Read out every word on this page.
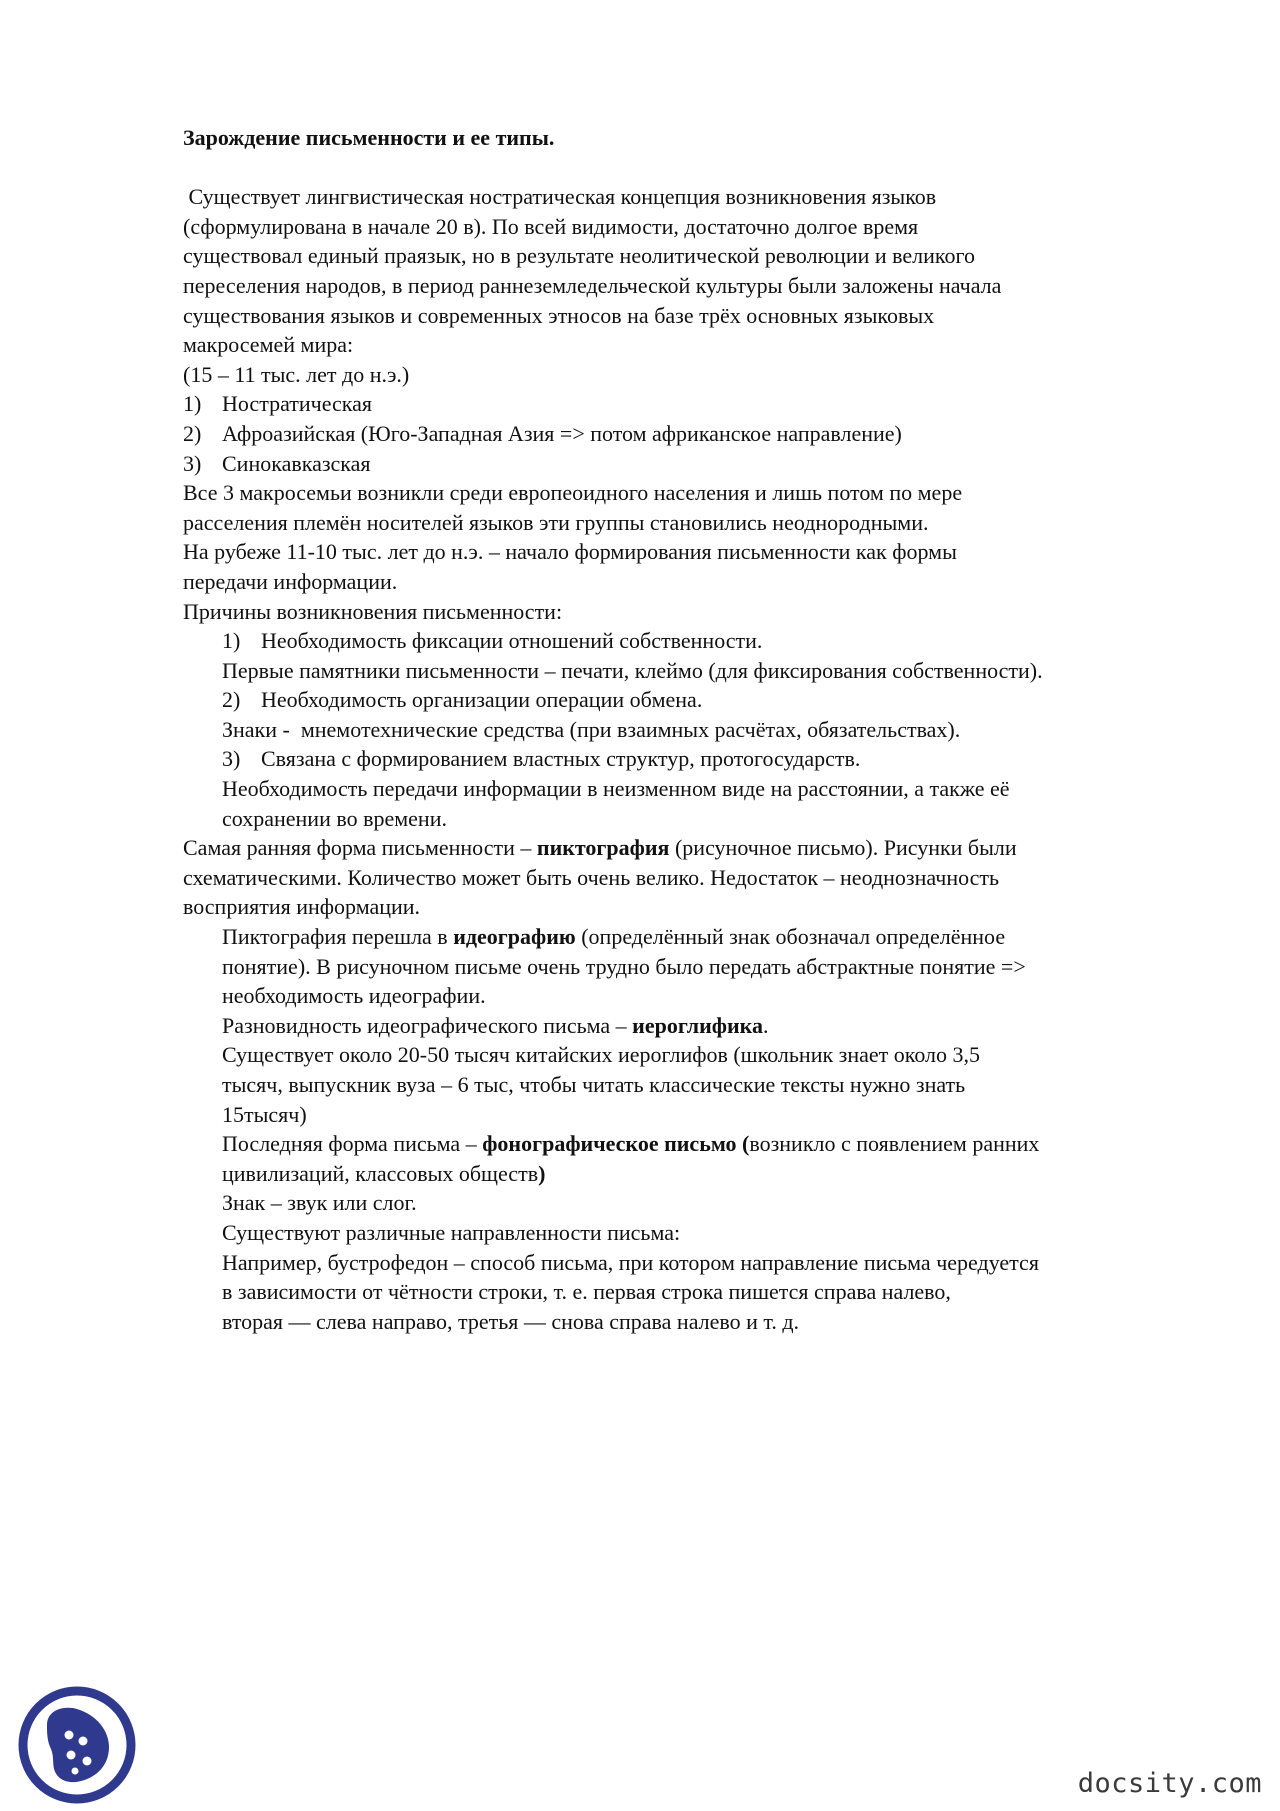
Зарождение письменности и ее типы.

Существует лингвистическая ностратическая концепция возникновения языков

(сформулирована в начале 20 в). По всей видимости, достаточно долгое время

существовал единый праязык, но в результате неолитической революции и великого

переселения народов, в период раннеземледельческой культуры были заложены начала

существования языков и современных этносов на базе трёх основных языковых

макросемей мира:

(15 – 11 тыс. лет до н.э.)

1) Ностратическая

2) Афроазийская (Юго-Западная Азия => потом африканское направление)

3) Синокавказская

Все 3 макросемьи возникли среди европеоидного населения и лишь потом по мере

расселения племён носителей языков эти группы становились неоднородными.

На рубеже 11-10 тыс. лет до н.э. – начало формирования письменности как формы

передачи информации.

Причины возникновения письменности:

1) Необходимость фиксации отношений собственности.

Первые памятники письменности – печати, клеймо (для фиксирования собственности).

2) Необходимость организации операции обмена.

Знаки -  мнемотехнические средства (при взаимных расчётах, обязательствах).

3) Связана с формированием властных структур, протогосударств.

Необходимость передачи информации в неизменном виде на расстоянии, а также её

сохранении во времени.

Самая ранняя форма письменности – пиктография (рисуночное письмо). Рисунки были

схематическими. Количество может быть очень велико. Недостаток – неоднозначность

восприятия информации.

Пиктография перешла в идеографию (определённый знак обозначал определённое

понятие). В рисуночном письме очень трудно было передать абстрактные понятие =>

необходимость идеографии.

Разновидность идеографического письма – иероглифика.

Существует около 20-50 тысяч китайских иероглифов (школьник знает около 3,5

тысяч, выпускник вуза – 6 тыс, чтобы читать классические тексты нужно знать

15тысяч)

Последняя форма письма – фонографическое письмо (возникло с появлением ранних

цивилизаций, классовых обществ)

Знак – звук или слог.

Существуют различные направленности письма:

Например, бустрофедон – способ письма, при котором направление письма чередуется

в зависимости от чётности строки, т. е. первая строка пишется справа налево,

вторая — слева направо, третья — снова справа налево и т. д.

docsity.com
